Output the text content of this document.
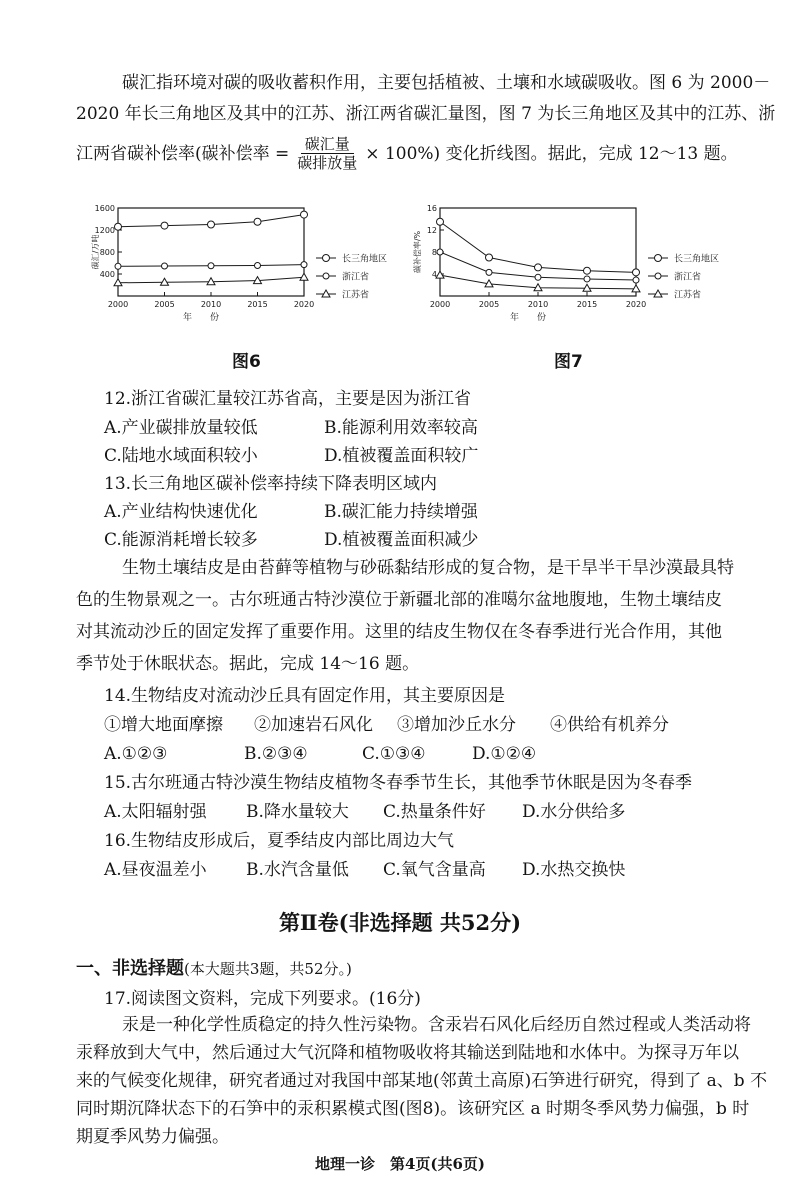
碳汇指环境对碳的吸收蓄积作用，主要包括植被、土壤和水域碳吸收。图 6 为 2000－
2020 年长三角地区及其中的江苏、浙江两省碳汇量图，图 7 为长三角地区及其中的江苏、浙
江两省碳补偿率(碳补偿率 = $\frac{\text{碳汇量}}{\text{碳排放量}} \times 100\%$) 变化折线图。据此，完成 12～13 题。
400
800
1200
1600
2000	2005	2010	2015	2020
年　　份
碳汇/万吨	长三角地区
浙江省
江苏省
图6
4
8
12
16
2000	2005	2010	2015	2020
年　　份
碳补偿率/%	长三角地区
浙江省
江苏省
图7
12.浙江省碳汇量较江苏省高，主要是因为浙江省
A.产业碳排放量较低	B.能源利用效率较高
C.陆地水域面积较小	D.植被覆盖面积较广
13.长三角地区碳补偿率持续下降表明区域内
A.产业结构快速优化	B.碳汇能力持续增强
C.能源消耗增长较多	D.植被覆盖面积减少
生物土壤结皮是由苔藓等植物与砂砾黏结形成的复合物，是干旱半干旱沙漠最具特
色的生物景观之一。古尔班通古特沙漠位于新疆北部的准噶尔盆地腹地，生物土壤结皮
对其流动沙丘的固定发挥了重要作用。这里的结皮生物仅在冬春季进行光合作用，其他
季节处于休眠状态。据此，完成 14～16 题。
14.生物结皮对流动沙丘具有固定作用，其主要原因是
①增大地面摩擦 ②加速岩石风化 ③增加沙丘水分 ④供给有机养分
A.①②③	B.②③④	C.①③④	D.①②④
15.古尔班通古特沙漠生物结皮植物冬春季节生长，其他季节休眠是因为冬春季
A.太阳辐射强 B.降水量较大 C.热量条件好 D.水分供给多
16.生物结皮形成后，夏季结皮内部比周边大气
A.昼夜温差小 B.水汽含量低 C.氧气含量高 D.水热交换快
第Ⅱ卷(非选择题 共52分)
一、非选择题(本大题共3题，共52分。)
17.阅读图文资料，完成下列要求。(16分)
汞是一种化学性质稳定的持久性污染物。含汞岩石风化后经历自然过程或人类活动将
汞释放到大气中，然后通过大气沉降和植物吸收将其输送到陆地和水体中。为探寻万年以
来的气候变化规律，研究者通过对我国中部某地(邻黄土高原)石笋进行研究，得到了 a、b 不
同时期沉降状态下的石笋中的汞积累模式图(图8)。该研究区 a 时期冬季风势力偏强，b 时
地理一诊　第4页(共6页)
期夏季风势力偏强。
